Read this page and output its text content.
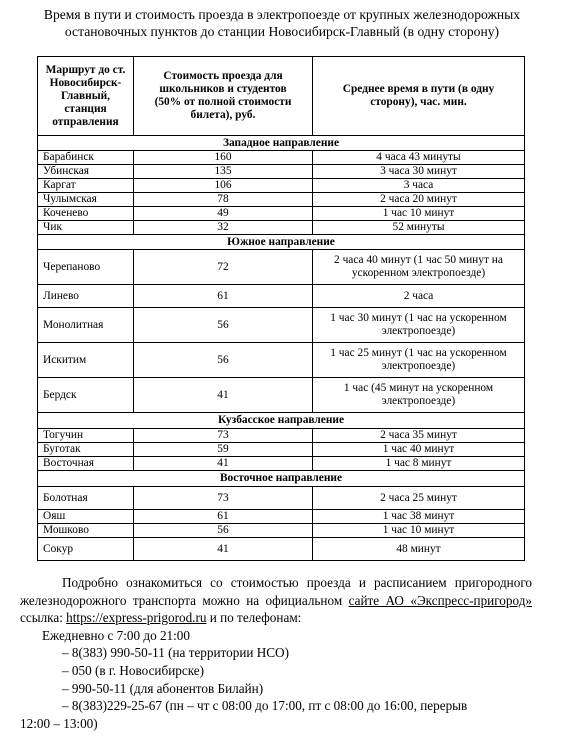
Время в пути и стоимость проезда в электропоезде от крупных железнодорожных
остановочных пунктов до станции Новосибирск-Главный (в одну сторону)
Маршрут до ст. Новосибирск-Главный, станция отправления	Стоимость проезда для школьников и студентов (50% от полной стоимости билета), руб.	Среднее время в пути (в одну сторону), час. мин.
Западное направление		
Барабинск	160	4 часа 43 минуты
Убинская	135	3 часа 30 минут
Каргат	106	3 часа
Чулымская	78	2 часа 20 минут
Коченево	49	1 час 10 минут
Чик	32	52 минуты
Южное направление		
Черепаново	72	2 часа 40 минут (1 час 50 минут на ускоренном электропоезде)
Линево	61	2 часа
Монолитная	56	1 час 30 минут (1 час на ускоренном электропоезде)
Искитим	56	1 час 25 минут (1 час на ускоренном электропоезде)
Бердск	41	1 час (45 минут на ускоренном электропоезде)
Кузбасское направление		
Тогучин	73	2 часа 35 минут
Буготак	59	1 час 40 минут
Восточная	41	1 час 8 минут
Восточное направление		
Болотная	73	2 часа 25 минут
Ояш	61	1 час 38 минут
Мошково	56	1 час 10 минут
Сокур	41	48 минут
Подробно ознакомиться со стоимостью проезда и расписанием пригородного железнодорожного транспорта можно на официальном сайте АО «Экспресс-пригород» ссылка: https://express-prigorod.ru и по телефонам:
Ежедневно с 7:00 до 21:00
– 8(383) 990-50-11 (на территории НСО)
– 050 (в г. Новосибирске)
– 990-50-11 (для абонентов Билайн)
– 8(383)229-25-67 (пн – чт с 08:00 до 17:00, пт с 08:00 до 16:00, перерыв
12:00 – 13:00)
